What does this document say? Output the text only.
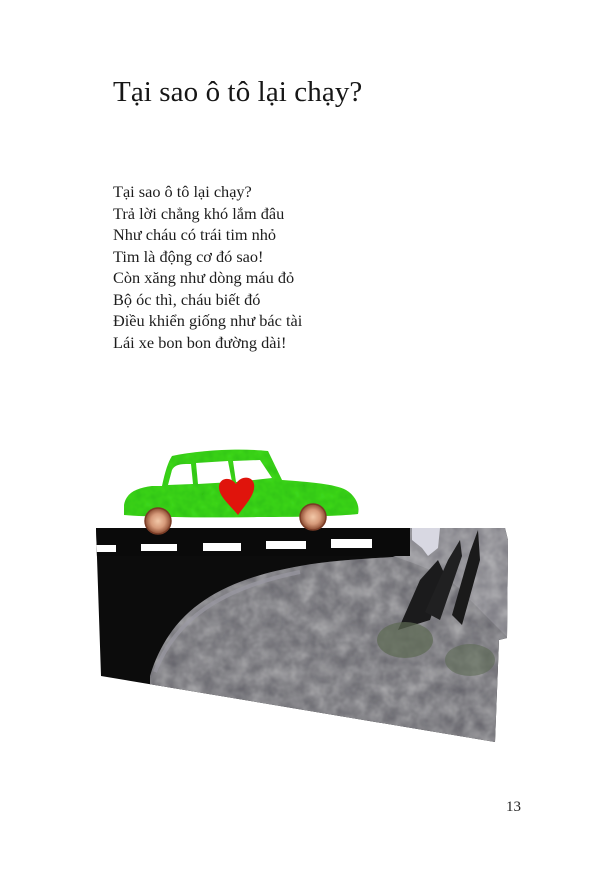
Tại sao ô tô lại chạy?
Tại sao ô tô lại chạy?
Trả lời chẳng khó lắm đâu
Như cháu có trái tim nhỏ
Tim là động cơ đó sao!
Còn xăng như dòng máu đỏ
Bộ óc thì, cháu biết đó
Điều khiển giống như bác tài
Lái xe bon bon đường dài!
13
